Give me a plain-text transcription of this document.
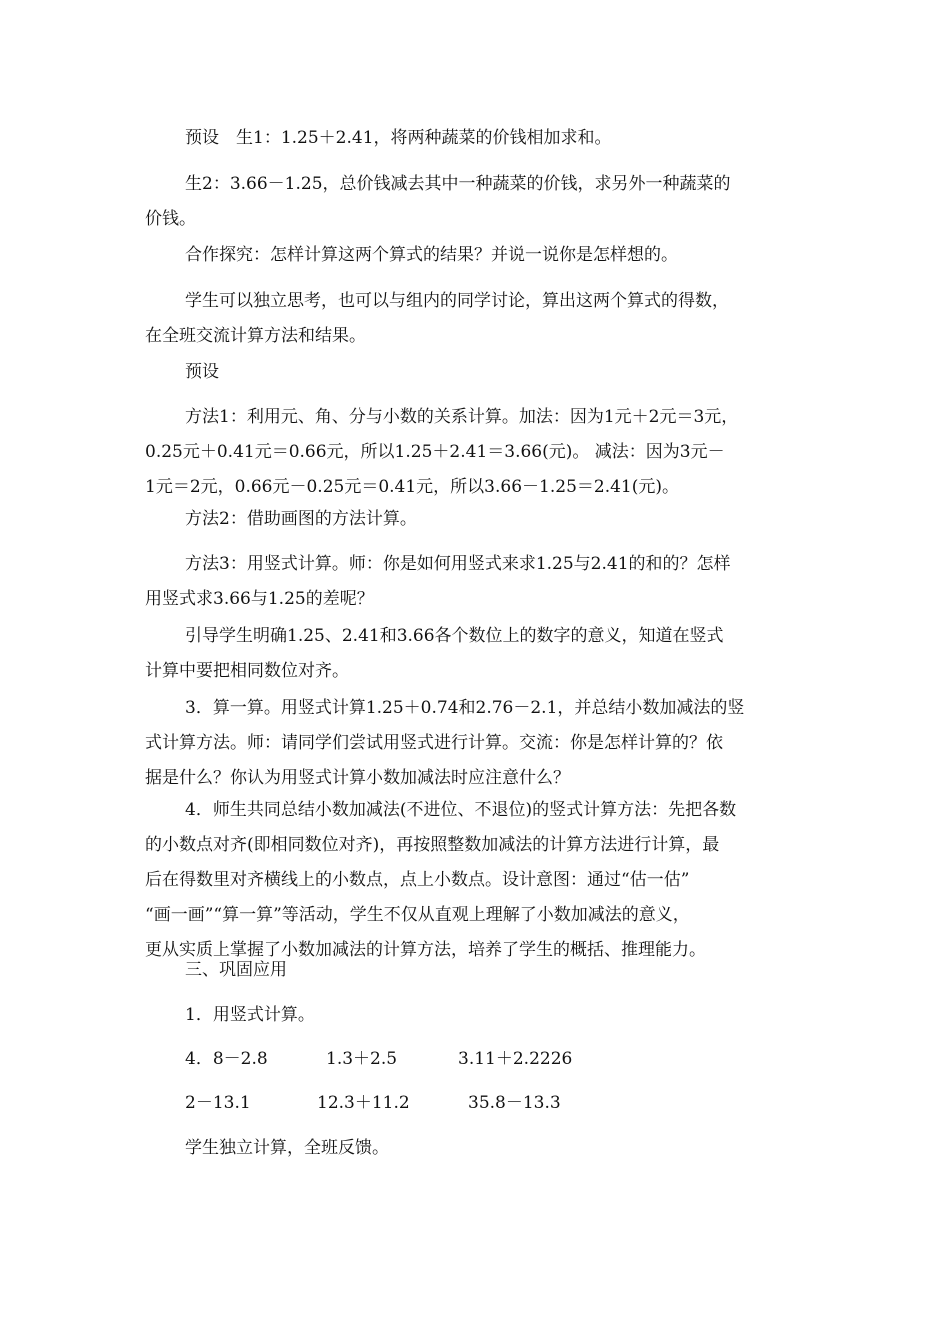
预设　生1：1.25＋2.41，将两种蔬菜的价钱相加求和。

生2：3.66－1.25，总价钱减去其中一种蔬菜的价钱，求另外一种蔬菜的
价钱。

合作探究：怎样计算这两个算式的结果？并说一说你是怎样想的。

学生可以独立思考，也可以与组内的同学讨论，算出这两个算式的得数，
在全班交流计算方法和结果。

预设

方法1：利用元、角、分与小数的关系计算。加法：因为1元＋2元＝3元，
0.25元＋0.41元＝0.66元，所以1.25＋2.41＝3.66(元)。 减法：因为3元－
1元＝2元，0.66元－0.25元＝0.41元，所以3.66－1.25＝2.41(元)。

方法2：借助画图的方法计算。

方法3：用竖式计算。师：你是如何用竖式来求1.25与2.41的和的？怎样
用竖式求3.66与1.25的差呢？

引导学生明确1.25、2.41和3.66各个数位上的数字的意义，知道在竖式
计算中要把相同数位对齐。

3．算一算。用竖式计算1.25＋0.74和2.76－2.1，并总结小数加减法的竖
式计算方法。师：请同学们尝试用竖式进行计算。交流：你是怎样计算的？依
据是什么？你认为用竖式计算小数加减法时应注意什么？

4．师生共同总结小数加减法(不进位、不退位)的竖式计算方法：先把各数
的小数点对齐(即相同数位对齐)，再按照整数加减法的计算方法进行计算，最
后在得数里对齐横线上的小数点，点上小数点。设计意图：通过“估一估”
“画一画”“算一算”等活动，学生不仅从直观上理解了小数加减法的意义，
更从实质上掌握了小数加减法的计算方法，培养了学生的概括、推理能力。

三、巩固应用

1．用竖式计算。

4．8－2.8	1.3＋2.5	3.11＋2.2226
2－13.1	12.3＋11.2	35.8－13.3

学生独立计算，全班反馈。
